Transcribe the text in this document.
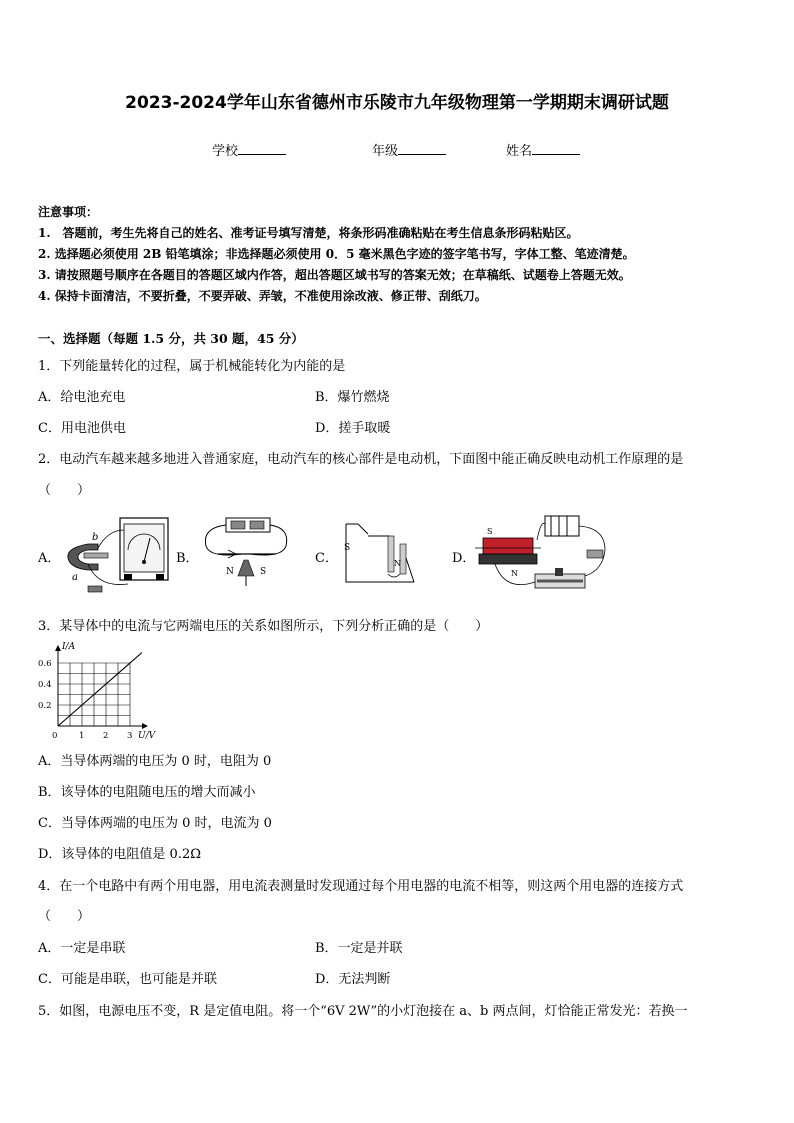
2023-2024学年山东省德州市乐陵市九年级物理第一学期期末调研试题
学校	年级	姓名
注意事项：
1.　答题前，考生先将自己的姓名、准考证号填写清楚，将条形码准确粘贴在考生信息条形码粘贴区。
2. 选择题必须使用 2B 铅笔填涂；非选择题必须使用 0．5 毫米黑色字迹的签字笔书写，字体工整、笔迹清楚。
3. 请按照题号顺序在各题目的答题区域内作答，超出答题区域书写的答案无效；在草稿纸、试题卷上答题无效。
4. 保持卡面清洁，不要折叠，不要弄破、弄皱，不准使用涂改液、修正带、刮纸刀。
一、选择题（每题 1.5 分，共 30 题，45 分）
1．下列能量转化的过程，属于机械能转化为内能的是
A．给电池充电	B．爆竹燃烧
C．用电池供电	D．搓手取暖
2．电动汽车越来越多地进入普通家庭，电动汽车的核心部件是电动机，下面图中能正确反映电动机工作原理的是
（　　）
A．
b
a
B．
N	S
C．
S
N	D．
S
N
3．某导体中的电流与它两端电压的关系如图所示，下列分析正确的是（　　）
I/A
U/V
0	1 2 3
0.2
0.4
0.6
A．当导体两端的电压为 0 时，电阻为 0
B．该导体的电阻随电压的增大而减小
C．当导体两端的电压为 0 时，电流为 0
D．该导体的电阻值是 0.2Ω
4．在一个电路中有两个用电器，用电流表测量时发现通过每个用电器的电流不相等，则这两个用电器的连接方式
（　　）
A．一定是串联	B．一定是并联
C．可能是串联，也可能是并联	D．无法判断
5．如图，电源电压不变，R 是定值电阻。将一个“6V 2W”的小灯泡接在 a、b 两点间，灯恰能正常发光：若换一
